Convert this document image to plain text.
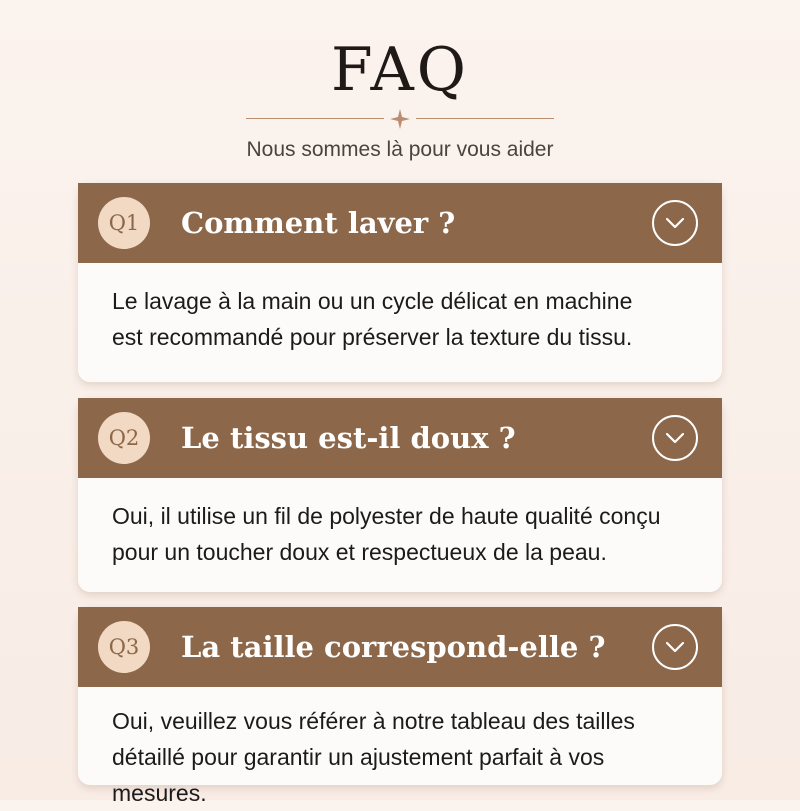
FAQ
Nous sommes là pour vous aider
Q1	Comment laver ?
Le lavage à la main ou un cycle délicat en machine
est recommandé pour préserver la texture du tissu.
Q2	Le tissu est-il doux ?
Oui, il utilise un fil de polyester de haute qualité conçu
pour un toucher doux et respectueux de la peau.
Q3	La taille correspond-elle ?
Oui, veuillez vous référer à notre tableau des tailles
détaillé pour garantir un ajustement parfait à vos mesures.
